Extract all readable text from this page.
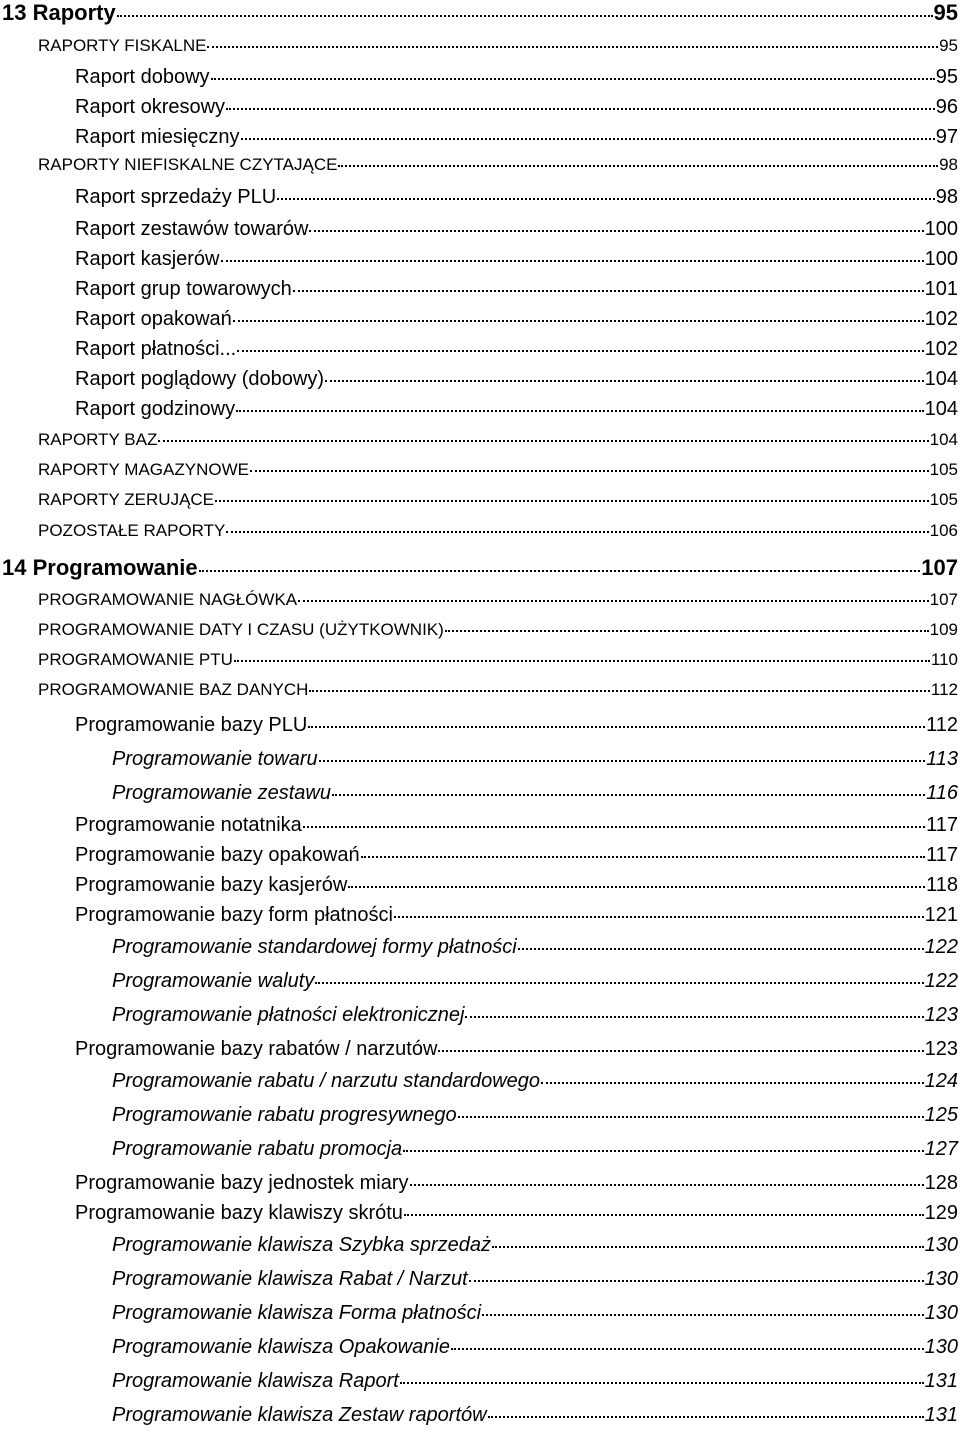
13 Raporty	95
RAPORTY FISKALNE	95
Raport dobowy	95
Raport okresowy	96
Raport miesięczny	97
RAPORTY NIEFISKALNE CZYTAJĄCE	98
Raport sprzedaży PLU	98
Raport zestawów towarów	100
Raport kasjerów	100
Raport grup towarowych	101
Raport opakowań	102
Raport płatności...	102
Raport poglądowy (dobowy)	104
Raport godzinowy	104
RAPORTY BAZ	104
RAPORTY MAGAZYNOWE	105
RAPORTY ZERUJĄCE	105
POZOSTAŁE RAPORTY	106
14 Programowanie	107
PROGRAMOWANIE NAGŁÓWKA	107
PROGRAMOWANIE DATY I CZASU (UŻYTKOWNIK)	109
PROGRAMOWANIE PTU	110
PROGRAMOWANIE BAZ DANYCH	112
Programowanie bazy PLU	112
Programowanie towaru	113
Programowanie zestawu	116
Programowanie notatnika	117
Programowanie bazy opakowań	117
Programowanie bazy kasjerów	118
Programowanie bazy form płatności	121
Programowanie standardowej formy płatności	122
Programowanie waluty	122
Programowanie płatności elektronicznej	123
Programowanie bazy rabatów / narzutów	123
Programowanie rabatu / narzutu standardowego	124
Programowanie rabatu progresywnego	125
Programowanie rabatu promocja	127
Programowanie bazy jednostek miary	128
Programowanie bazy klawiszy skrótu	129
Programowanie klawisza Szybka sprzedaż	130
Programowanie klawisza Rabat / Narzut	130
Programowanie klawisza Forma płatności	130
Programowanie klawisza Opakowanie	130
Programowanie klawisza Raport	131
Programowanie klawisza Zestaw raportów	131
